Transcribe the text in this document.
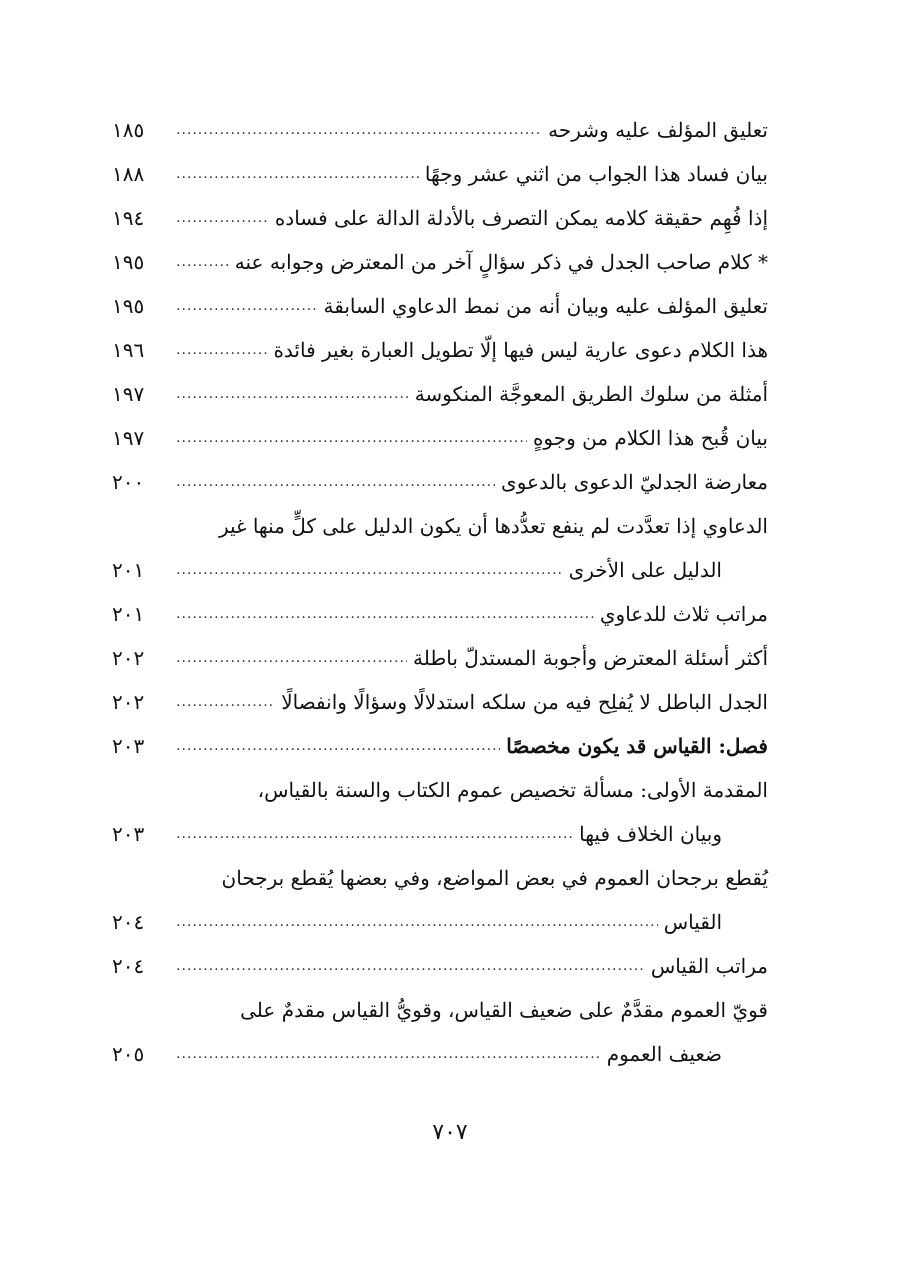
تعليق المؤلف عليه وشرحه
.....
١٨٥
بيان فساد هذا الجواب من اثني عشر وجهًا
.....
١٨٨
إذا فُهِم حقيقة كلامه يمكن التصرف بالأدلة الدالة على فساده
.....
١٩٤
* كلام صاحب الجدل في ذكر سؤالٍ آخر من المعترض وجوابه عنه
.....
١٩٥
تعليق المؤلف عليه وبيان أنه من نمط الدعاوي السابقة
.....
١٩٥
هذا الكلام دعوى عارية ليس فيها إلّا تطويل العبارة بغير فائدة
.....
١٩٦
أمثلة من سلوك الطريق المعوجَّة المنكوسة
.....
١٩٧
بيان قُبح هذا الكلام من وجوهٍ
.....
١٩٧
معارضة الجدليّ الدعوى بالدعوى
.....
٢٠٠
الدعاوي إذا تعدَّدت لم ينفع تعدُّدها أن يكون الدليل على كلٍّ منها غير
الدليل على الأخرى
.....
٢٠١
مراتب ثلاث للدعاوي
.....
٢٠١
أكثر أسئلة المعترض وأجوبة المستدلّ باطلة
.....
٢٠٢
الجدل الباطل لا يُفلِح فيه من سلكه استدلالًا وسؤالًا وانفصالًا
.....
٢٠٢
فصل: القياس قد يكون مخصصًا
.....
٢٠٣
المقدمة الأولى: مسألة تخصيص عموم الكتاب والسنة بالقياس،
وبيان الخلاف فيها
.....
٢٠٣
يُقطع برجحان العموم في بعض المواضع، وفي بعضها يُقطع برجحان
القياس
.....
٢٠٤
مراتب القياس
.....
٢٠٤
قويّ العموم مقدَّمٌ على ضعيف القياس، وقويُّ القياس مقدمٌ على
ضعيف العموم
.....
٢٠٥
٧٠٧
